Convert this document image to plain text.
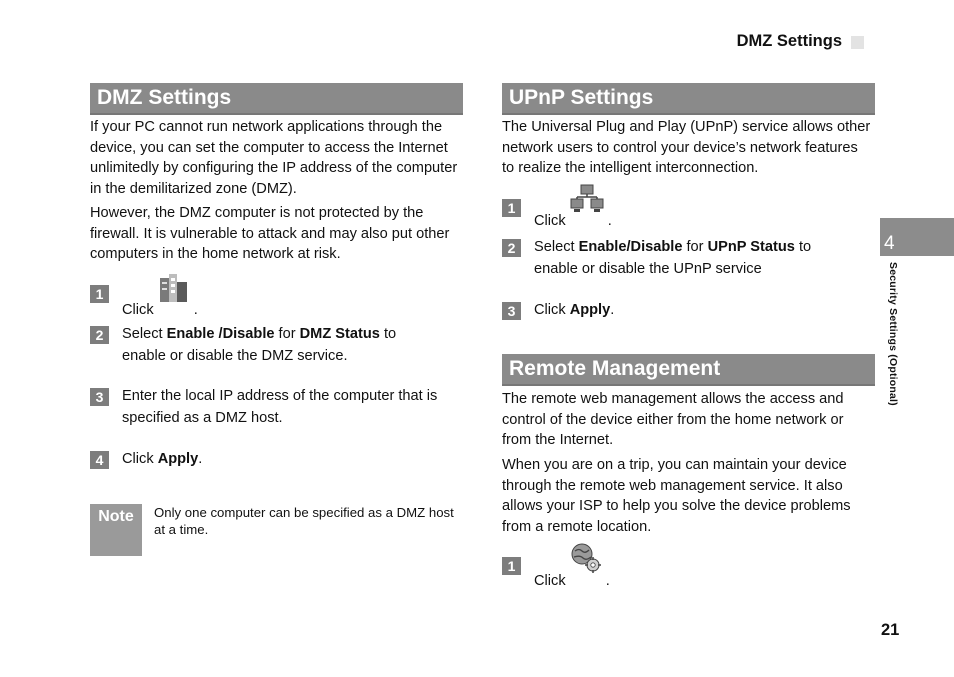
DMZ Settings
DMZ Settings
If your PC cannot run network applications through the device, you can set the computer to access the Internet unlimitedly by configuring the IP address of the computer in the demilitarized zone (DMZ).
However, the DMZ computer is not protected by the firewall. It is vulnerable to attack and may also put other computers in the home network at risk.
1
Click	.
2	Select Enable /Disable for DMZ Status to enable or disable the DMZ service.
3	Enter the local IP address of the computer that is specified as a DMZ host.
4	Click Apply.
Note	Only one computer can be specified as a DMZ host at a time.
UPnP Settings
The Universal Plug and Play (UPnP) service allows other network users to control your device’s network features to realize the intelligent interconnection.
1
Click	.
2	Select Enable/Disable for UPnP Status to enable or disable the UPnP service
3	Click Apply.
Remote Management
The remote web management allows the access and control of the device either from the home network or from the Internet.
When you are on a trip, you can maintain your device through the remote web management service. It also allows your ISP to help you solve the device problems from a remote location.
1
Click	.
4
Security Settings (Optional)
21
